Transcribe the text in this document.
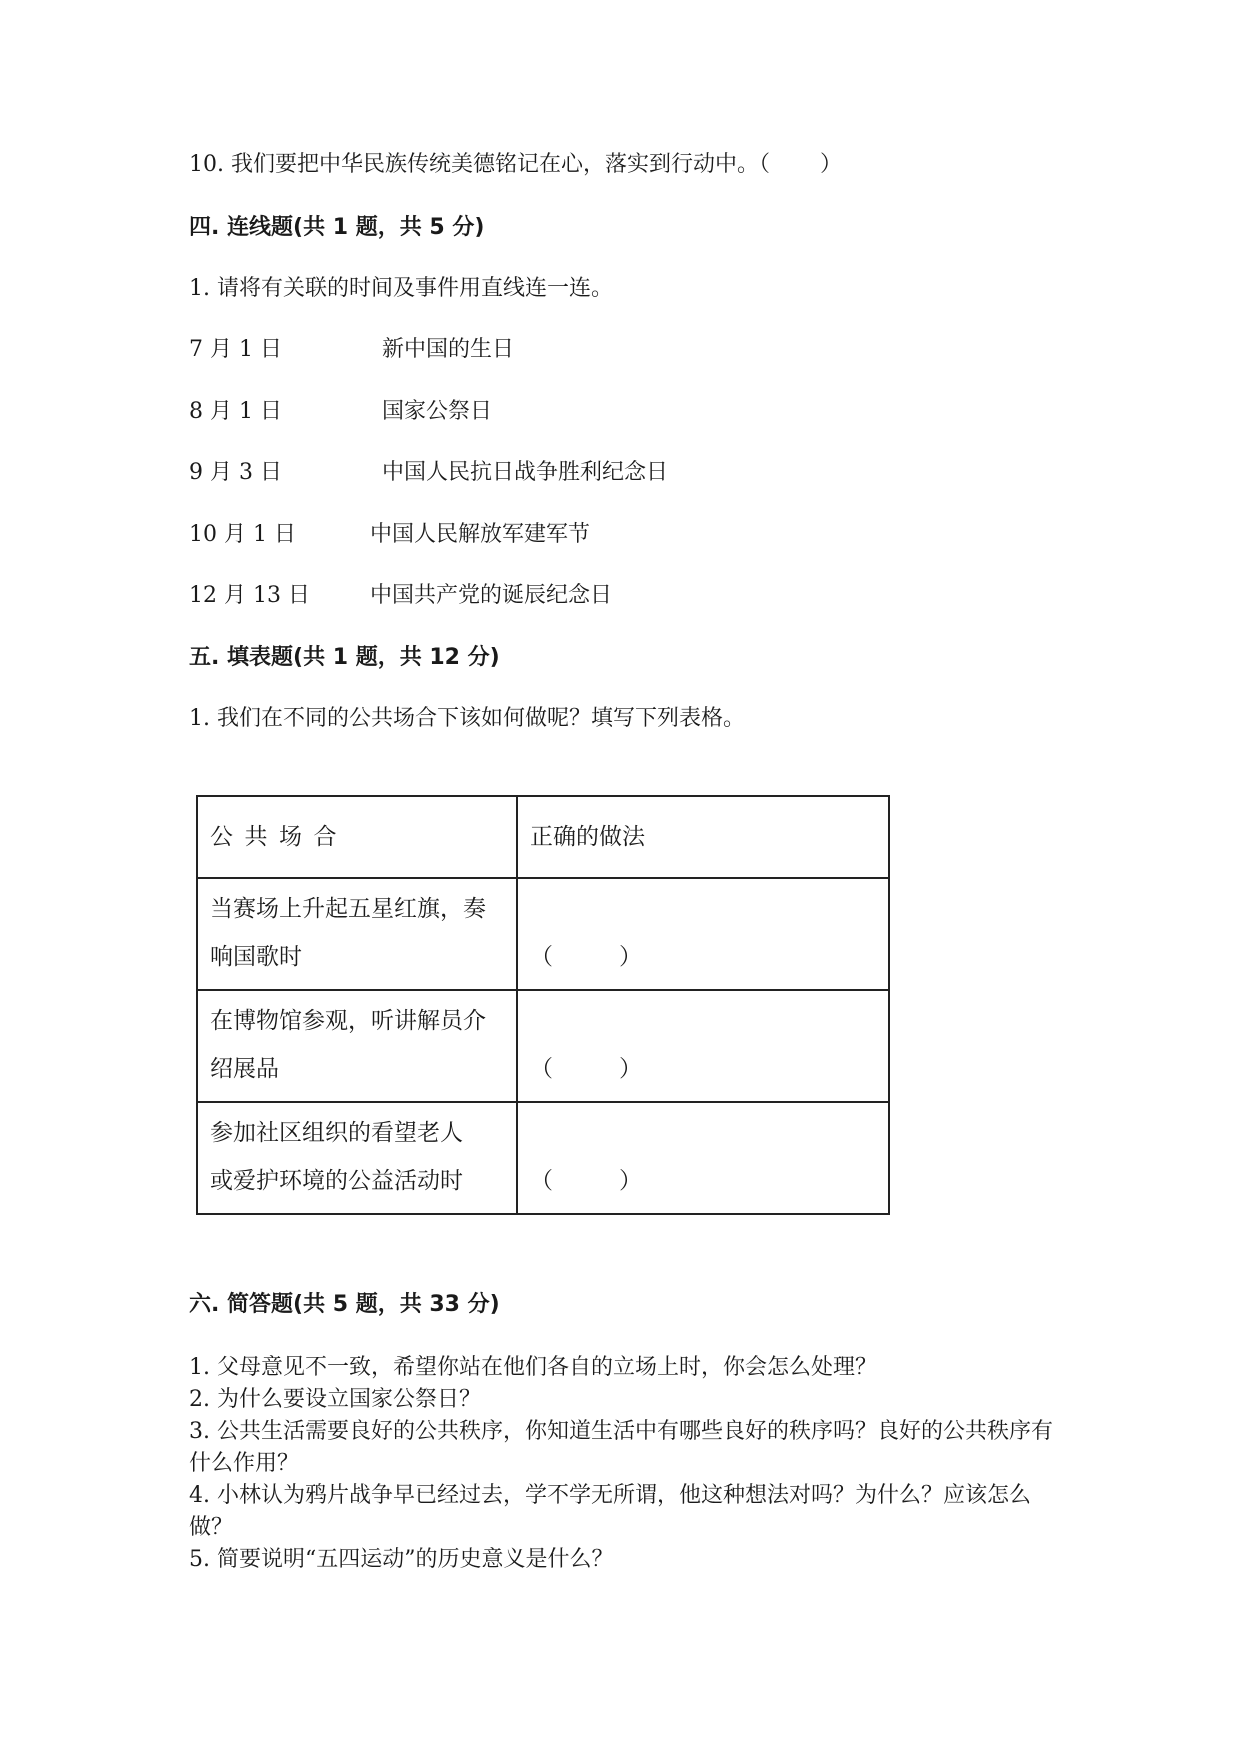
10. 我们要把中华民族传统美德铭记在心，落实到行动中。（ ）
四. 连线题(共 1 题，共 5 分)
1. 请将有关联的时间及事件用直线连一连。
7 月 1 日	新中国的生日
8 月 1 日	国家公祭日
9 月 3 日	中国人民抗日战争胜利纪念日
10 月 1 日	中国人民解放军建军节
12 月 13 日	中国共产党的诞辰纪念日
五. 填表题(共 1 题，共 12 分)
1. 我们在不同的公共场合下该如何做呢？填写下列表格。
公共场合	正确的做法

当赛场上升起五星红旗，奏
响国歌时	（ ）

在博物馆参观，听讲解员介
绍展品	（ ）

参加社区组织的看望老人
或爱护环境的公益活动时	（ ）
六. 简答题(共 5 题，共 33 分)
1. 父母意见不一致，希望你站在他们各自的立场上时，你会怎么处理？
2. 为什么要设立国家公祭日？
3. 公共生活需要良好的公共秩序，你知道生活中有哪些良好的秩序吗？良好的公共秩序有什么作用？
4. 小林认为鸦片战争早已经过去，学不学无所谓，他这种想法对吗？为什么？应该怎么做？
5. 简要说明“五四运动”的历史意义是什么？
